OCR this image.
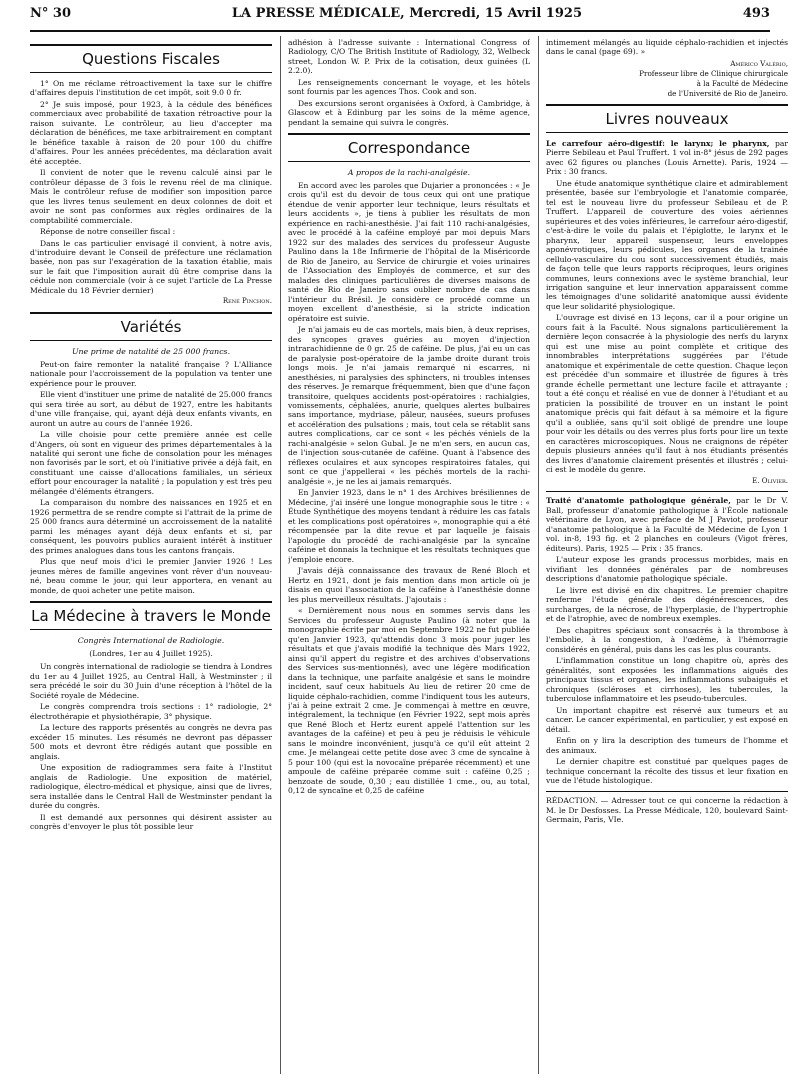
N° 30	LA PRESSE MÉDICALE, Mercredi, 15 Avril 1925	493
Questions Fiscales

1° On me réclame rétroactivement la taxe sur le chiffre d'affaires depuis l'institution de cet impôt, soit 9.0 0 fr.

2° Je suis imposé, pour 1923, à la cédule des bénéfices commerciaux avec probabilité de taxation rétroactive pour la raison suivante. Le contrôleur, au lieu d'accepter ma déclaration de bénéfices, me taxe arbitrairement en comptant le bénéfice taxable à raison de 20 pour 100 du chiffre d'affaires. Pour les années précédentes, ma déclaration avait été acceptée.

Il convient de noter que le revenu calculé ainsi par le contrôleur dépasse de 3 fois le revenu réel de ma clinique. Mais le contrôleur refuse de modifier son imposition parce que les livres tenus seulement en deux colonnes de doit et avoir ne sont pas conformes aux règles ordinaires de la comptabilité commerciale.

Réponse de notre conseiller fiscal :

Dans le cas particulier envisagé il convient, à notre avis, d'introduire devant le Conseil de préfecture une réclamation basée, non pas sur l'exagération de la taxation établie, mais sur le fait que l'imposition aurait dû être comprise dans la cédule non commerciale (voir à ce sujet l'article de La Presse Médicale du 18 Février dernier)

René Pinchon.
Variétés
Une prime de natalité de 25 000 francs.

Peut-on faire remonter la natalité française ? L'Alliance nationale pour l'accroissement de la population va tenter une expérience pour le prouver.

Elle vient d'instituer une prime de natalité de 25.000 francs qui sera tirée au sort, au début de 1927, entre les habitants d'une ville française, qui, ayant déjà deux enfants vivants, en auront un autre au cours de l'année 1926.

La ville choisie pour cette première année est celle d'Angers, où sont en vigueur des primes départementales à la natalité qui seront une fiche de consolation pour les ménages non favorisés par le sort, et où l'initiative privée a déjà fait, en constituant une caisse d'allocations familiales, un sérieux effort pour encourager la natalité ; la population y est très peu mélangée d'éléments étrangers.

La comparaison du nombre des naissances en 1925 et en 1926 permettra de se rendre compte si l'attrait de la prime de 25 000 francs aura déterminé un accroissement de la natalité parmi les ménages ayant déjà deux enfants et si, par conséquent, les pouvoirs publics auraient intérêt à instituer des primes analogues dans tous les cantons français.

Plus que neuf mois d'ici le premier Janvier 1926 ! Les jeunes mères de famille angevines vont rêver d'un nouveau-né, beau comme le jour, qui leur apportera, en venant au monde, de quoi acheter une petite maison.

La Médecine à travers le Monde
Congrès International de Radiologie.
(Londres, 1er au 4 Juillet 1925).

Un congrès international de radiologie se tiendra à Londres du 1er au 4 Juillet 1925, au Central Hall, à Westminster ; il sera précédé le soir du 30 Juin d'une réception à l'hôtel de la Société royale de Médecine.

Le congrès comprendra trois sections : 1° radiologie, 2° électrothérapie et physiothérapie, 3° physique.

La lecture des rapports présentés au congrès ne devra pas excéder 15 minutes. Les résumés ne devront pas dépasser 500 mots et devront être rédigés autant que possible en anglais.

Une exposition de radiogrammes sera faite à l'Institut anglais de Radiologie. Une exposition de matériel, radiologique, électro-médical et physique, ainsi que de livres, sera installée dans le Central Hall de Westminster pendant la durée du congrès.

Il est demandé aux personnes qui désirent assister au congrès d'envoyer le plus tôt possible leur

adhésion à l'adresse suivante : International Congress of Radiology, C/O The British Institute of Radiology, 32, Welbeck street, London W. P. Prix de la cotisation, deux guinées (L 2.2.0).

Les renseignements concernant le voyage, et les hôtels sont fournis par les agences Thos. Cook and son.

Des excursions seront organisées à Oxford, à Cambridge, à Glascow et à Edinburg par les soins de la même agence, pendant la semaine qui suivra le congrès.

Correspondance
A propos de la rachi-analgésie.

En accord avec les paroles que Dujarier a prononcées : « Je crois qu'il est du devoir de tous ceux qui ont une pratique étendue de venir apporter leur technique, leurs résultats et leurs accidents », je tiens à publier les résultats de mon expérience en rachi-anesthésie. J'ai fait 110 rachi-analgésies, avec le procédé à la caféine employé par moi depuis Mars 1922 sur des malades des services du professeur Auguste Paulino dans la 18e Infirmerie de l'hôpital de la Miséricorde de Rio de Janeiro, au Service de chirurgie et voies urinaires de l'Association des Employés de commerce, et sur des malades des cliniques particulières de diverses maisons de santé de Rio de Janeiro sans oublier nombre de cas dans l'intérieur du Brésil. Je considère ce procédé comme un moyen excellent d'anesthésie, si la stricte indication opératoire est suivie.

Je n'ai jamais eu de cas mortels, mais bien, à deux reprises, des syncopes graves guéries au moyen d'injection intrarachidienne de 0 gr. 25 de caféine. De plus, j'ai eu un cas de paralysie post-opératoire de la jambe droite durant trois longs mois. Je n'ai jamais remarqué ni escarres, ni anesthésies, ni paralysies des sphincters, ni troubles intenses des réserves. Je remarque fréquemment, bien que d'une façon transitoire, quelques accidents post-opératoires : rachialgies, vomissements, céphalées, anurie, quelques alertes bulbaires sans importance, mydriase, pâleur, nausées, sueurs profuses et accélération des pulsations ; mais, tout cela se rétablit sans autres complications, car ce sont « les péchés véniels de la rachi-analgésie » selon Gubal. Je ne m'en sers, en aucun cas, de l'injection sous-cutanée de caféine. Quant à l'absence des réflexes oculaires et aux syncopes respiratoires fatales, qui sont ce que j'appellerai « les péchés mortels de la rachi-analgésie », je ne les ai jamais remarqués.

En Janvier 1923, dans le n° 1 des Archives brésiliennes de Médecine, j'ai inséré une longue monographie sous le titre : « Étude Synthétique des moyens tendant à réduire les cas fatals et les complications post opératoires », monographie qui a été récompensée par la dite revue et par laquelle je faisais l'apologie du procédé de rachi-analgésie par la syncaïne caféine et donnais la technique et les résultats techniques que j'emploie encore.

J'avais déjà connaissance des travaux de René Bloch et Hertz en 1921, dont je fais mention dans mon article où je disais en quoi l'association de la caféine à l'anesthésie donne les plus merveilleux résultats. J'ajoutais :

« Dernièrement nous nous en sommes servis dans les Services du professeur Auguste Paulino (à noter que la monographie écrite par moi en Septembre 1922 ne fut publiée qu'en Janvier 1923, qu'attendis donc 3 mois pour juger les résultats et que j'avais modifié la technique dès Mars 1922, ainsi qu'il appert du registre et des archives d'observations des Services sus-mentionnés), avec une légère modification dans la technique, une parfaite analgésie et sans le moindre incident, sauf ceux habituels Au lieu de retirer 20 cme de liquide céphalo-rachidien, comme l'indiquent tous les auteurs, j'ai à peine extrait 2 cme. Je commençai à mettre en œuvre, intégralement, la technique (en Février 1922, sept mois après que René Bloch et Hertz eurent appelé l'attention sur les avantages de la caféine) et peu à peu je réduisis le véhicule sans le moindre inconvénient, jusqu'à ce qu'il eût atteint 2 cme. Je mélangeai cette petite dose avec 3 cme de syncaïne à 5 pour 100 (qui est la novocaïne préparée récemment) et une ampoule de caféine préparée comme suit : caféine 0,25 ; benzoate de soude, 0,30 ; eau distillée 1 cme., ou, au total, 0,12 de syncaïne et 0,25 de caféine

intimement mélangés au liquide céphalo-rachidien et injectés dans le canal (page 69). »

Américo Valério,
Professeur libre de Clinique chirurgicale
à la Faculté de Médecine
de l'Université de Rio de Janeiro.
Livres nouveaux

Le carrefour aéro-digestif: le larynx; le pharynx, par Pierre Sebileau et Paul Truffert. 1 vol in-8° jésus de 292 pages avec 62 figures ou planches (Louis Arnette). Paris, 1924 — Prix : 30 francs.

Une étude anatomique synthétique claire et admirablement présentée, basée sur l'embryologie et l'anatomie comparée, tel est le nouveau livre du professeur Sebileau et de P. Truffert. L'appareil de couverture des voies aériennes supérieures et des voies inférieures, le carrefour aéro-digestif, c'est-à-dire le voile du palais et l'épiglotte, le larynx et le pharynx, leur appareil suspenseur, leurs enveloppes aponévrotiques, leurs pédicules, les organes de la trainée cellulo-vasculaire du cou sont successivement étudiés, mais de façon telle que leurs rapports réciproques, leurs origines communes, leurs connexions avec le système branchial, leur irrigation sanguine et leur innervation apparaissent comme les témoignages d'une solidarité anatomique aussi évidente que leur solidarité physiologique.

L'ouvrage est divisé en 13 leçons, car il a pour origine un cours fait à la Faculté. Nous signalons particulièrement la dernière leçon consacrée à la physiologie des nerfs du larynx qui est une mise au point complète et critique des innombrables interprétations suggérées par l'étude anatomique et expérimentale de cette question. Chaque leçon est précédée d'un sommaire et illustrée de figures à très grande échelle permettant une lecture facile et attrayante ; tout a été conçu et réalisé en vue de donner à l'étudiant et au praticien la possibilité de trouver en un instant le point anatomique précis qui fait défaut à sa mémoire et la figure qu'il a oubliée, sans qu'il soit obligé de prendre une loupe pour voir les détails ou des verres plus forts pour lire un texte en caractères microscopiques. Nous ne craignons de répéter depuis plusieurs années qu'il faut à nos étudiants présentés des livres d'anatomie clairement présentés et illustrés ; celui-ci est le modèle du genre.

E. Olivier.

Traité d'anatomie pathologique générale, par le Dr V. Ball, professeur d'anatomie pathologique à l'École nationale vétérinaire de Lyon, avec préface de M J Paviot, professeur d'anatomie pathologique à la Faculté de Médecine de Lyon 1 vol. in-8, 193 fig. et 2 planches en couleurs (Vigot frères, éditeurs). Paris, 1925 — Prix : 35 francs.

L'auteur expose les grands processus morbides, mais en vivifiant les données générales par de nombreuses descriptions d'anatomie pathologique spéciale.

Le livre est divisé en dix chapitres. Le premier chapitre renferme l'étude générale des dégénérescences, des surcharges, de la nécrose, de l'hyperplasie, de l'hypertrophie et de l'atrophie, avec de nombreux exemples.

Des chapitres spéciaux sont consacrés à la thrombose à l'embolie, à la congestion, à l'œdème, à l'hémorragie considérés en général, puis dans les cas les plus courants.

L'inflammation constitue un long chapitre où, après des généralités, sont exposées les inflammations aiguës des principaux tissus et organes, les inflammations subaiguës et chroniques (scléroses et cirrhoses), les tubercules, la tuberculose inflammatoire et les pseudo-tubercules.

Un important chapitre est réservé aux tumeurs et au cancer. Le cancer expérimental, en particulier, y est exposé en détail.

Enfin on y lira la description des tumeurs de l'homme et des animaux.

Le dernier chapitre est constitué par quelques pages de technique concernant la récolte des tissus et leur fixation en vue de l'étude histologique.

RÉDACTION. — Adresser tout ce qui concerne la rédaction à M. le Dr Desfosses. La Presse Médicale, 120, boulevard Saint-Germain, Paris, VIe.
